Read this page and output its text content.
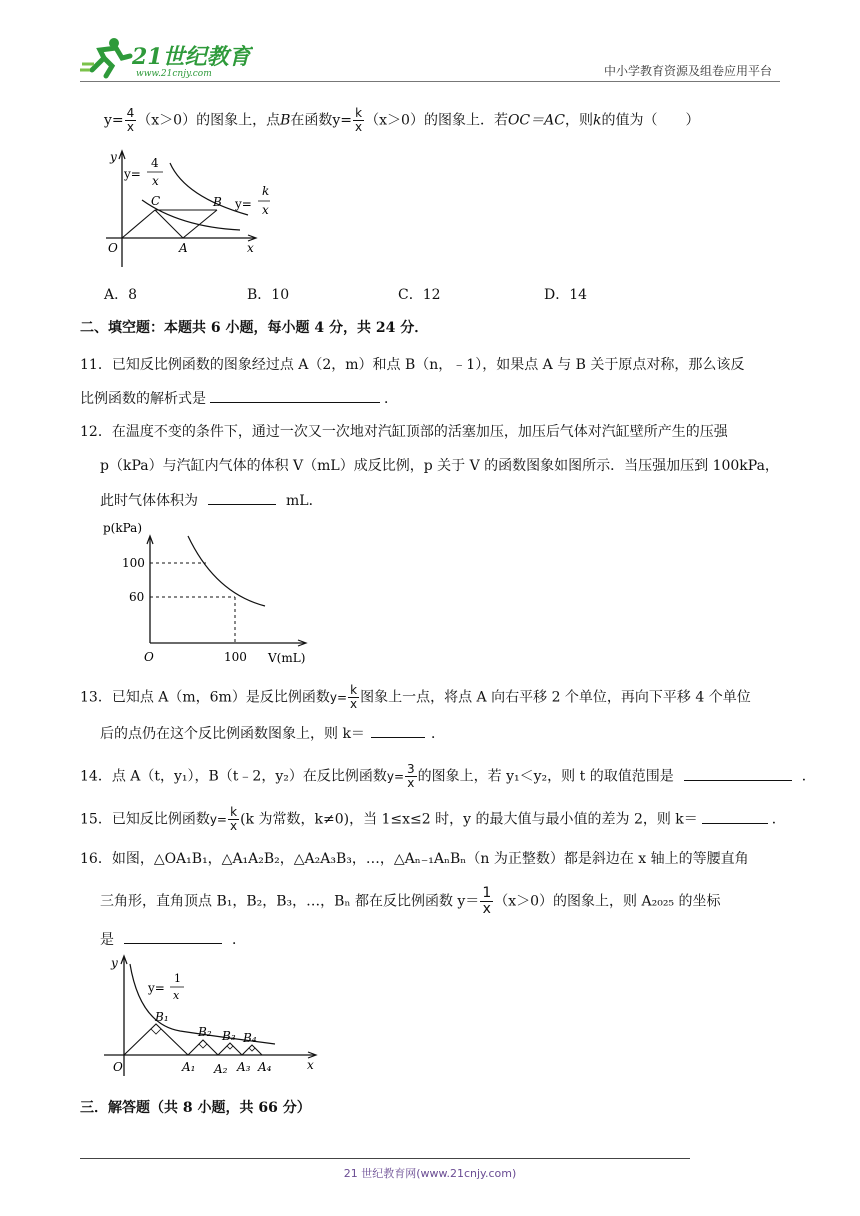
21世纪教育
www.21cnjy.com	中小学教育资源及组卷应用平台
$y= \frac{4}{x} (x>0)$的图象上，点B在函数$y= \frac{k}{x} (x>0)$的图象上．若OC＝AC，则k的值为（　　）
y
x
O	A
B
C
y=
4
x
y=
k
x
A．8	B．10	C．12	D．14
二、填空题：本题共 6 小题，每小题 4 分，共 24 分．
11．已知反比例函数的图象经过点 A（2，m）和点 B（n，﹣1），如果点 A 与 B 关于原点对称，那么该反
比例函数的解析式是	．
12．在温度不变的条件下，通过一次又一次地对汽缸顶部的活塞加压，加压后气体对汽缸壁所产生的压强
p（kPa）与汽缸内气体的体积 V（mL）成反比例，p 关于 V 的函数图象如图所示．当压强加压到 100kPa，
此时气体体积为	mL．
p(kPa)
V(mL)
O
100
60
100
13．已知点 A（m，6m）是反比例函数$y= \frac{k}{x}$ 图象上一点，将点 A 向右平移 2 个单位，再向下平移 4 个单位
后的点仍在这个反比例函数图象上，则 k＝	．
14．点 A（t，y₁），B（t﹣2，y₂）在反比例函数$y= \frac{3}{x}$ 的图象上，若 y₁＜y₂，则 t 的取值范围是	．
15．已知反比例函数$y= \frac{k}{x} (k$ 为常数，k≠0)，当 1≤x≤2 时，y 的最大值与最小值的差为 2，则 k＝	．
16．如图，△OA₁B₁，△A₁A₂B₂，△A₂A₃B₃，…，△Aₙ₋₁AₙBₙ（n 为正整数）都是斜边在 x 轴上的等腰直角
三角形，直角顶点 B₁，B₂，B₃，…，Bₙ 都在反比例函数 $y= \frac{1}{x} (x>0)$的图象上，则 A₂₀₂₅ 的坐标
是	．
y
x
O
y=
1
x
B₁
B₂ B₃ B₄
A₁ A₂ A₃ A₄
三．解答题（共 8 小题，共 66 分）
21 世纪教育网(www.21cnjy.com)
